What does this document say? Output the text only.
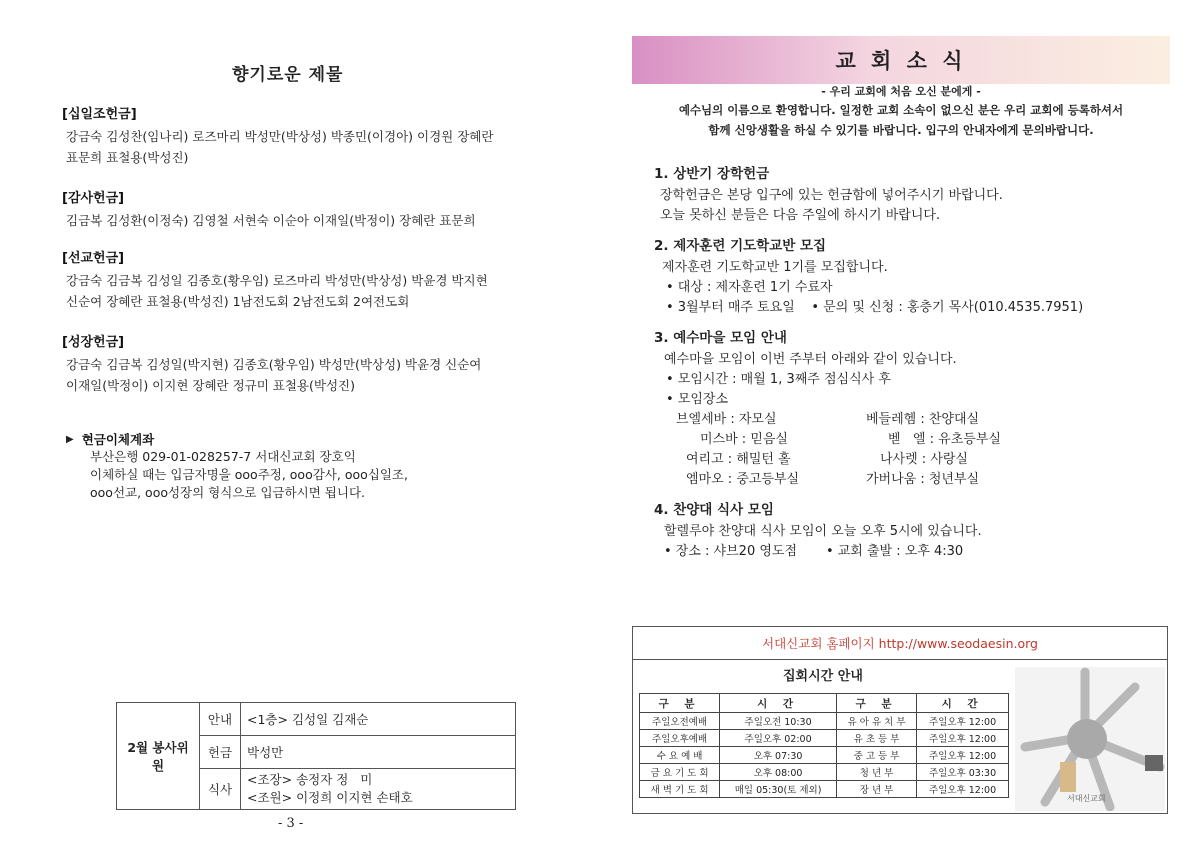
향기로운 제물
[십일조헌금]
강금숙 김성찬(임나리) 로즈마리 박성만(박상성) 박종민(이경아) 이경원 장혜란
표문희 표철용(박성진)
[감사헌금]
김금복 김성환(이정숙) 김영철 서현숙 이순아 이재일(박정이) 장혜란 표문희
[선교헌금]
강금숙 김금복 김성일 김종호(황우임) 로즈마리 박성만(박상성) 박윤경 박지현
신순여 장혜란 표철용(박성진) 1남전도회 2남전도회 2여전도회
[성장헌금]
강금숙 김금복 김성일(박지현) 김종호(황우임) 박성만(박상성) 박윤경 신순여
이재일(박정이) 이지현 장혜란 정규미 표철용(박성진)
▶ 현금이체계좌
부산은행 029-01-028257-7 서대신교회 장호익
이체하실 때는 입금자명을 ooo주정, ooo감사, ooo십일조,
ooo선교, ooo성장의 형식으로 입금하시면 됩니다.
2월 봉사위원	안내	<1층> 김성일 김재순
	헌금	박성만
	식사	<조장> 송정자 정   미
<조원> 이정희 이지현 손태호
- 3 -
교 회 소 식
- 우리 교회에 처음 오신 분에게 -
예수님의 이름으로 환영합니다. 일정한 교회 소속이 없으신 분은 우리 교회에 등록하셔서
함께 신앙생활을 하실 수 있기를 바랍니다. 입구의 안내자에게 문의바랍니다.
1. 상반기 장학헌금
장학헌금은 본당 입구에 있는 헌금함에 넣어주시기 바랍니다.
오늘 못하신 분들은 다음 주일에 하시기 바랍니다.
2. 제자훈련 기도학교반 모집
제자훈련 기도학교반 1기를 모집합니다.
• 대상 : 제자훈련 1기 수료자
• 3월부터 매주 토요일    • 문의 및 신청 : 홍충기 목사(010.4535.7951)
3. 예수마을 모임 안내
예수마을 모임이 이번 주부터 아래와 같이 있습니다.
• 모임시간 : 매월 1, 3째주 점심식사 후
• 모임장소
브엘세바 : 자모실	베들레헴 : 찬양대실
미스바 : 믿음실	벧   엘 : 유초등부실
여리고 : 해밀턴 홀	나사렛 : 사랑실
엠마오 : 중고등부실	가버나움 : 청년부실
4. 찬양대 식사 모임
할렐루야 찬양대 식사 모임이 오늘 오후 5시에 있습니다.
• 장소 : 샤브20 영도점       • 교회 출발 : 오후 4:30
서대신교회 홈페이지 http://www.seodaesin.org
집회시간 안내
구 분	시 간	구 분	시 간
주일오전예배	주일오전 10:30	유 아 유 치 부	주일오후 12:00
주일오후예배	주일오후 02:00	유 초 등 부	주일오후 12:00
수 요 예 배	오후 07:30	중 고 등 부	주일오후 12:00
금 요 기 도 회	오후 08:00	청 년 부	주일오후 03:30
새 벽 기 도 회	매일 05:30(토 제외)	장 년 부	주일오후 12:00
서대신교회
